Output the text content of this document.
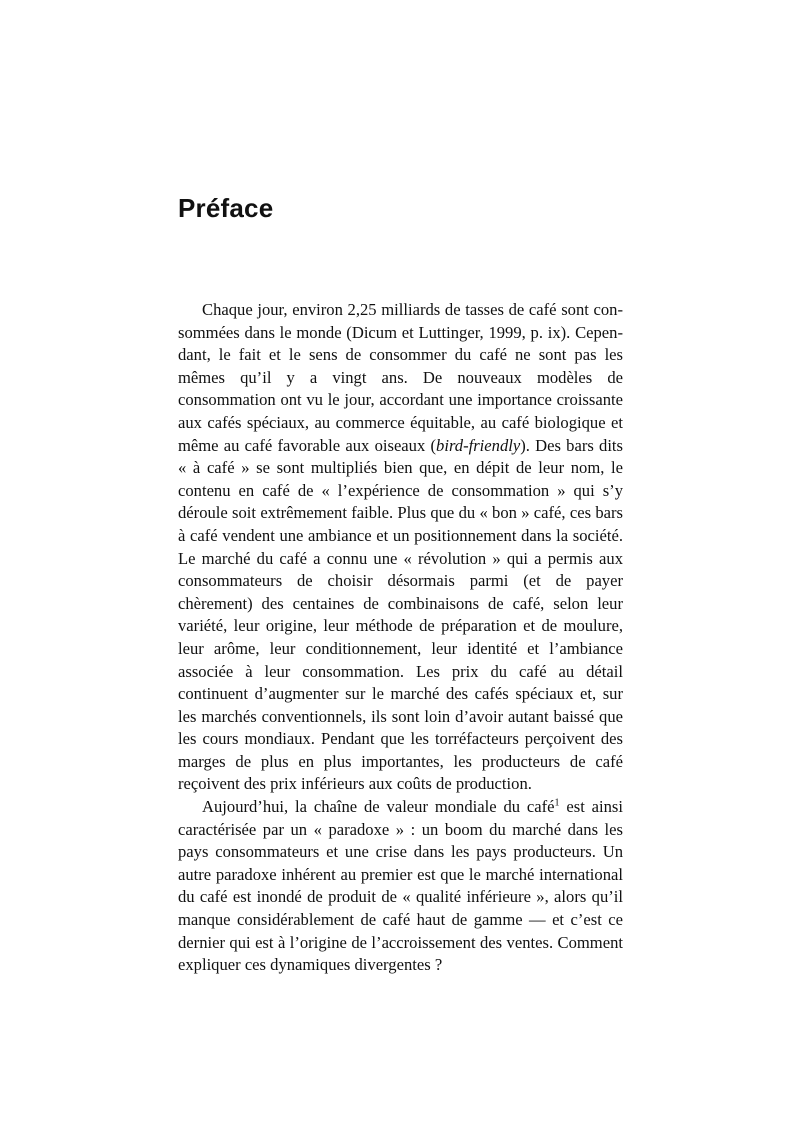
Préface

Chaque jour, environ 2,25 milliards de tasses de café sont consommées dans le monde (Dicum et Luttinger, 1999, p. ix). Cependant, le fait et le sens de consommer du café ne sont pas les mêmes qu’il y a vingt ans. De nouveaux modèles de consommation ont vu le jour, accordant une importance croissante aux cafés spéciaux, au commerce équitable, au café biologique et même au café favorable aux oiseaux (bird-friendly). Des bars dits « à café » se sont multipliés bien que, en dépit de leur nom, le contenu en café de « l’expérience de consommation » qui s’y déroule soit extrêmement faible. Plus que du « bon » café, ces bars à café vendent une ambiance et un positionnement dans la société. Le marché du café a connu une « révolution » qui a permis aux consommateurs de choisir désormais parmi (et de payer chèrement) des centaines de combinaisons de café, selon leur variété, leur origine, leur méthode de préparation et de moulure, leur arôme, leur conditionnement, leur identité et l’ambiance associée à leur consommation. Les prix du café au détail continuent d’augmenter sur le marché des cafés spéciaux et, sur les marchés conventionnels, ils sont loin d’avoir autant baissé que les cours mondiaux. Pendant que les torréfacteurs perçoivent des marges de plus en plus importantes, les producteurs de café reçoivent des prix inférieurs aux coûts de production.

Aujourd’hui, la chaîne de valeur mondiale du café$^1$ est ainsi caractérisée par un « paradoxe » : un boom du marché dans les pays consommateurs et une crise dans les pays producteurs. Un autre paradoxe inhérent au premier est que le marché international du café est inondé de produit de « qualité inférieure », alors qu’il manque considérablement de café haut de gamme — et c’est ce dernier qui est à l’origine de l’accroissement des ventes. Comment expliquer ces dynamiques divergentes ?
